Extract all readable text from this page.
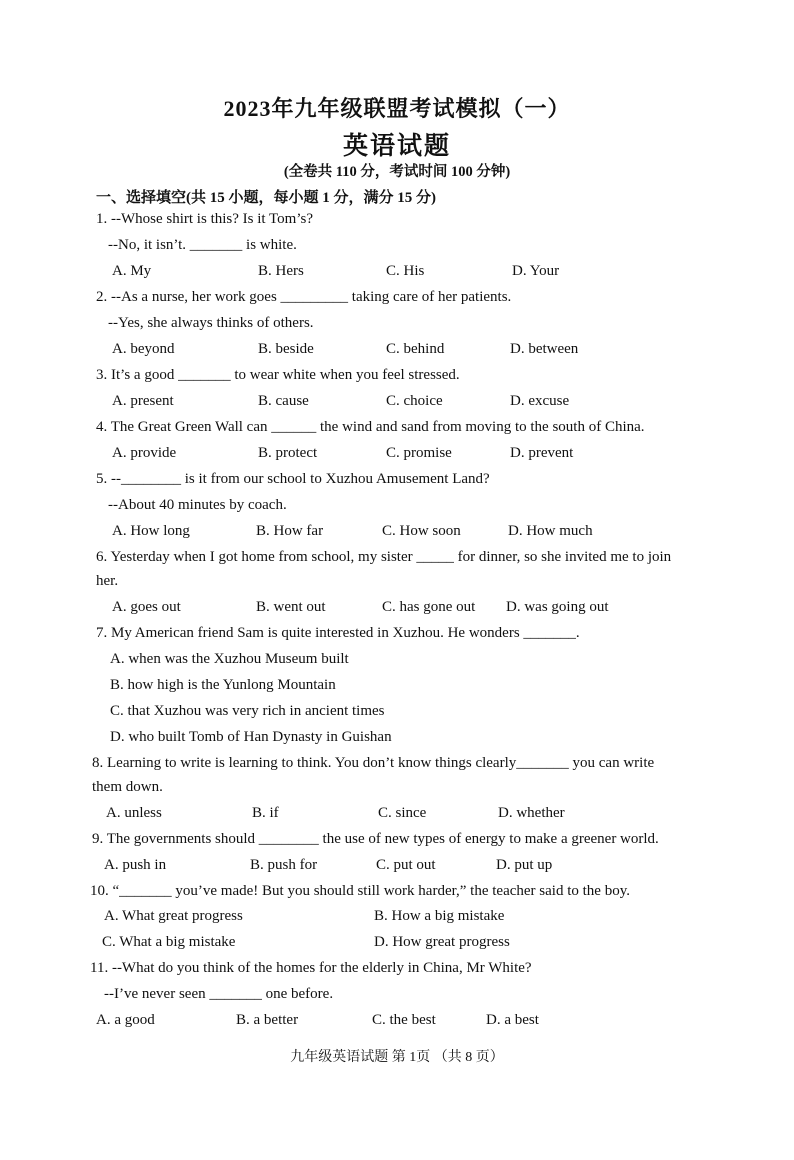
2023年九年级联盟考试模拟（一）
英语试题
(全卷共 110 分，考试时间 100 分钟)
一、选择填空(共 15 小题，每小题 1 分，满分 15 分)
1. --Whose shirt is this? Is it Tom’s?
--No, it isn’t. _______ is white.
A. My	B. Hers	C. His	D. Your
2. --As a nurse, her work goes _________ taking care of her patients.
--Yes, she always thinks of others.
A. beyond	B. beside	C. behind	D. between
3. It’s a good _______ to wear white when you feel stressed.
A. present	B. cause	C. choice	D. excuse
4. The Great Green Wall can ______ the wind and sand from moving to the south of China.
A. provide	B. protect	C. promise	D. prevent
5. --________ is it from our school to Xuzhou Amusement Land?
--About 40 minutes by coach.
A. How long	B. How far	C. How soon	D. How much
6. Yesterday when I got home from school, my sister _____ for dinner, so she invited me to join
her.
A. goes out	B. went out	C. has gone out D. was going out
7. My American friend Sam is quite interested in Xuzhou. He wonders _______.
A. when was the Xuzhou Museum built
B. how high is the Yunlong Mountain
C. that Xuzhou was very rich in ancient times
D. who built Tomb of Han Dynasty in Guishan
8. Learning to write is learning to think. You don’t know things clearly_______ you can write
them down.
A. unless	B. if	C. since	D. whether
9. The governments should ________ the use of new types of energy to make a greener world.
A. push in	B. push for	C. put out	D. put up
10. “_______ you’ve made! But you should still work harder,” the teacher said to the boy.
A. What great progress	B. How a big mistake
C. What a big mistake	D. How great progress
11. --What do you think of the homes for the elderly in China, Mr White?
--I’ve never seen _______ one before.
A. a good	B. a better	C. the best	D. a best
九年级英语试题 第 1页 （共 8 页）
